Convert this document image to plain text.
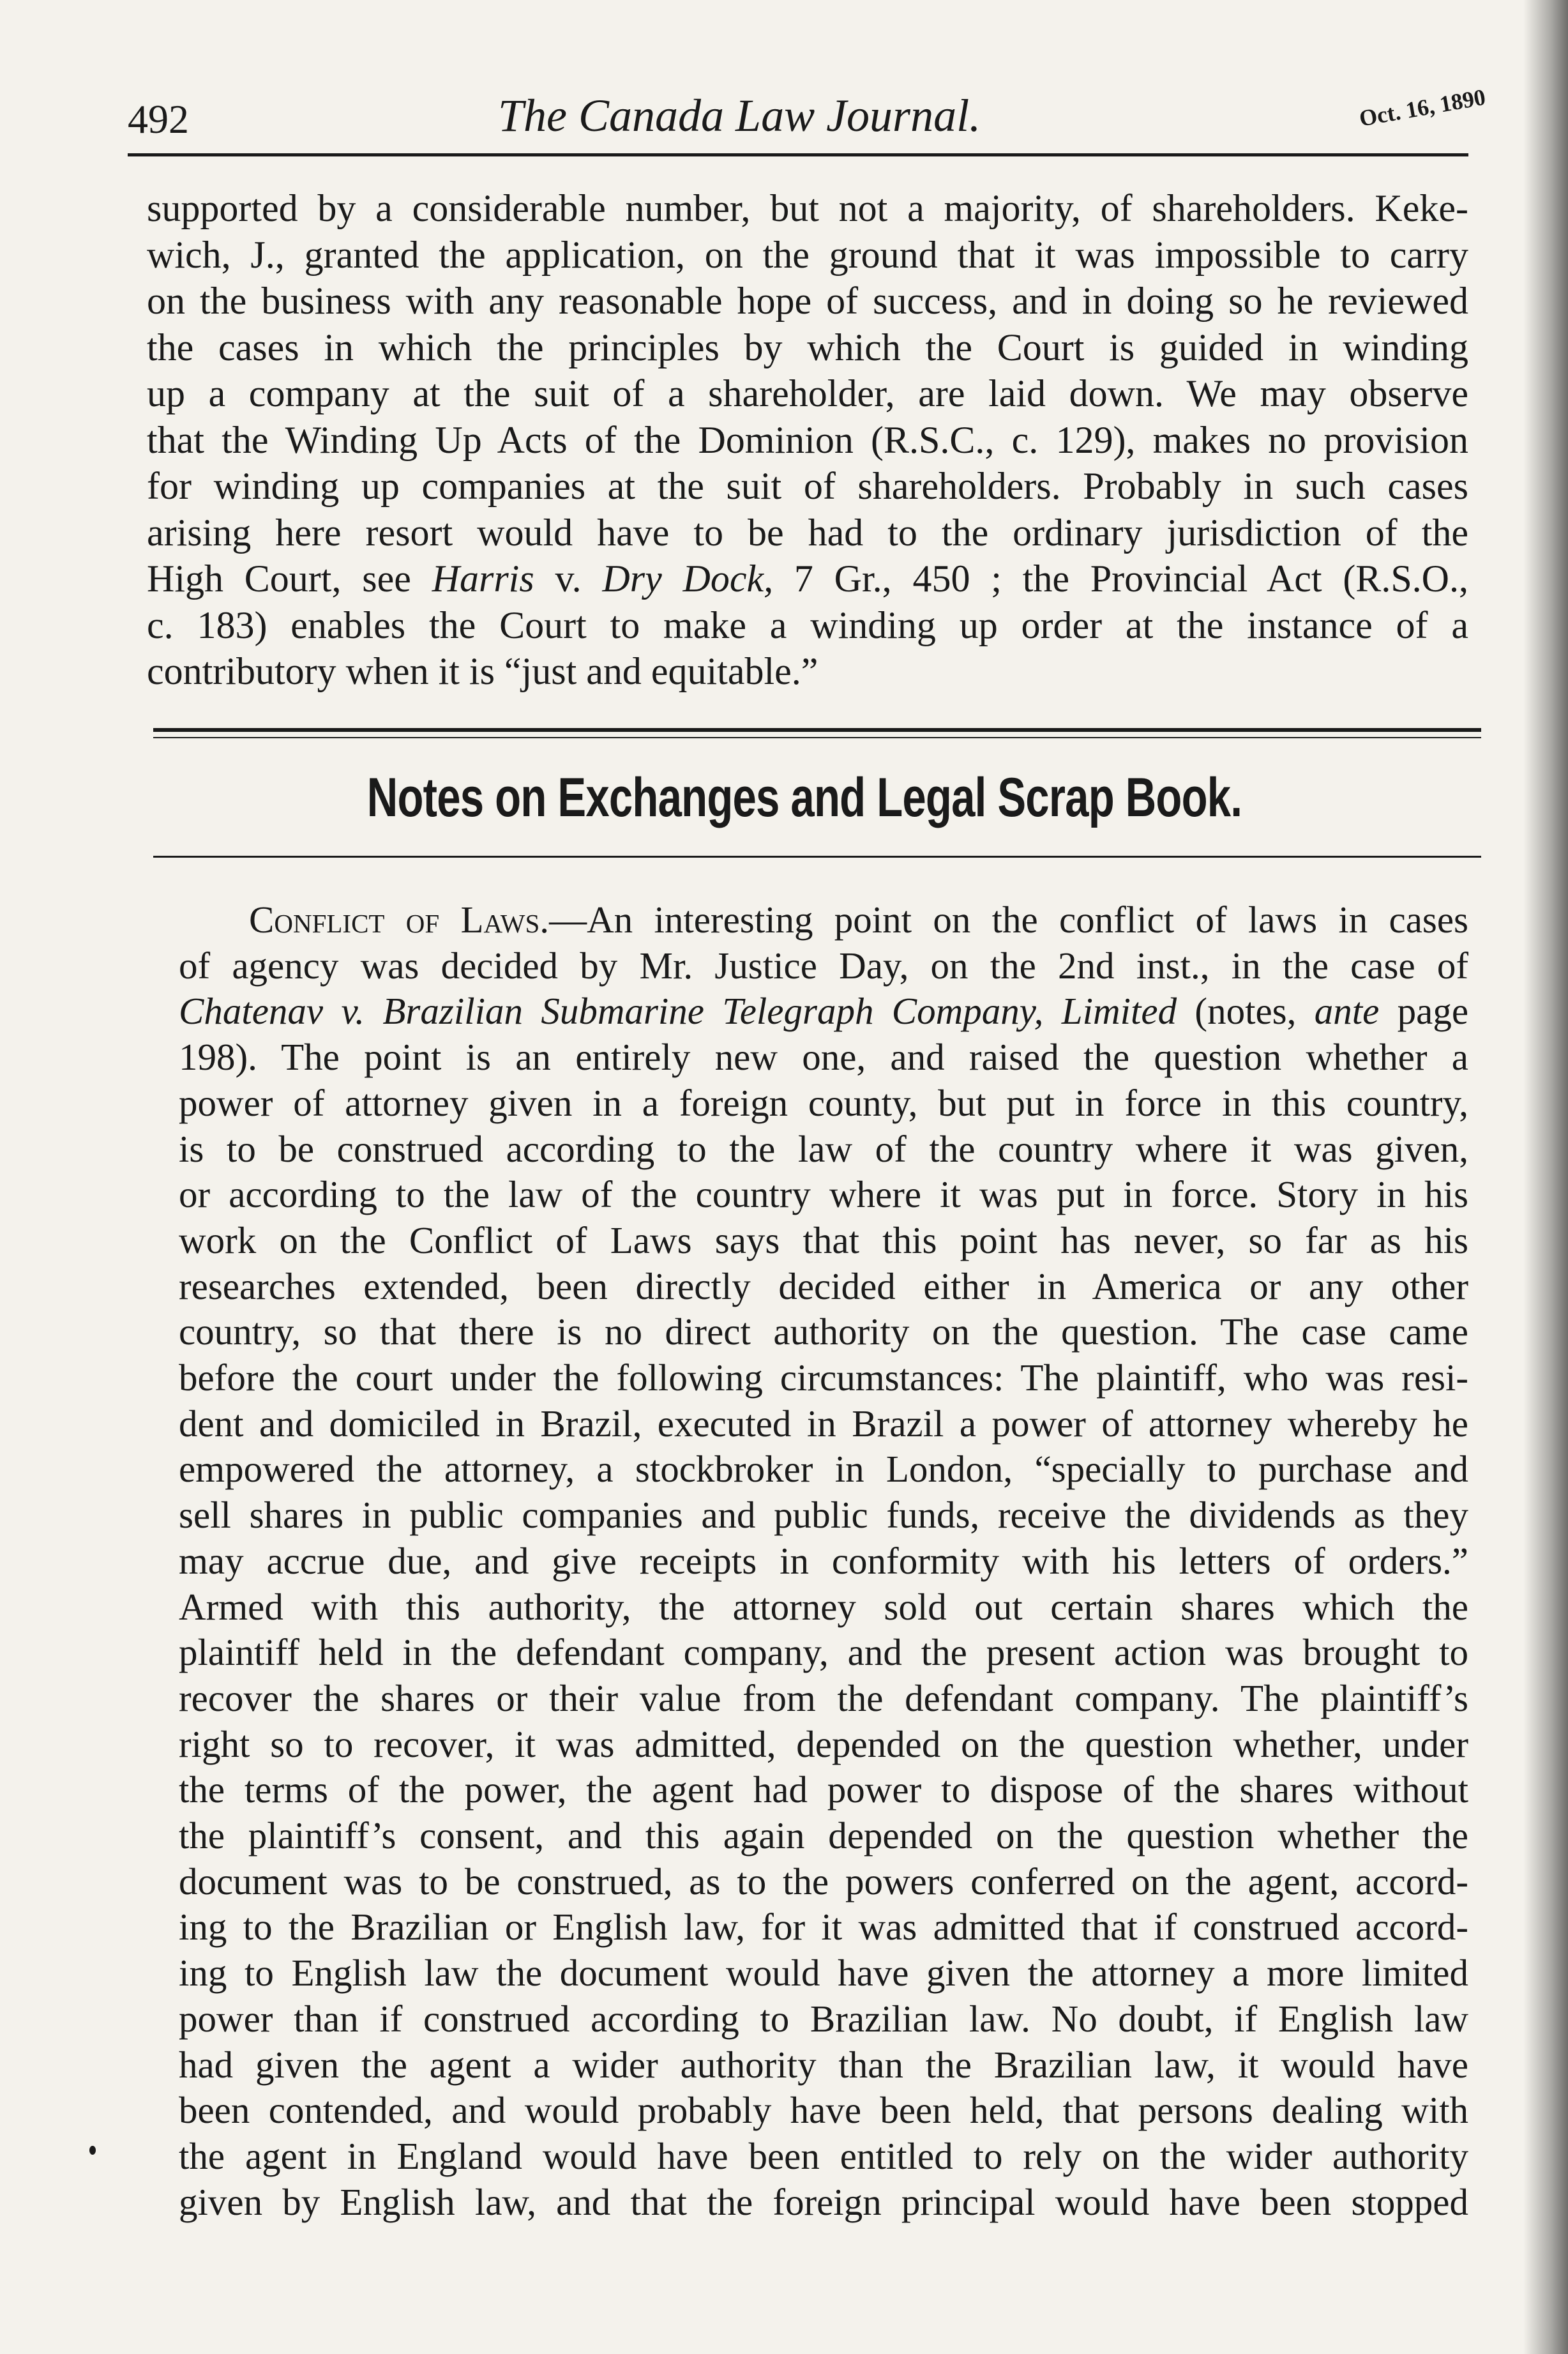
492	The Canada Law Journal.	Oct. 16, 1890
supported by a considerable number, but not a majority, of shareholders. Keke-
wich, J., granted the application, on the ground that it was impossible to carry
on the business with any reasonable hope of success, and in doing so he reviewed
the cases in which the principles by which the Court is guided in winding
up a company at the suit of a shareholder, are laid down. We may observe
that the Winding Up Acts of the Dominion (R.S.C., c. 129), makes no provision
for winding up companies at the suit of shareholders. Probably in such cases
arising here resort would have to be had to the ordinary jurisdiction of the
High Court, see Harris v. Dry Dock, 7 Gr., 450 ; the Provincial Act (R.S.O.,
c. 183) enables the Court to make a winding up order at the instance of a
contributory when it is “just and equitable.”
Notes on Exchanges and Legal Scrap Book.
Conflict of Laws.—An interesting point on the conflict of laws in cases
of agency was decided by Mr. Justice Day, on the 2nd inst., in the case of
Chatenav v. Brazilian Submarine Telegraph Company, Limited (notes, ante page
198). The point is an entirely new one, and raised the question whether a
power of attorney given in a foreign county, but put in force in this country,
is to be construed according to the law of the country where it was given,
or according to the law of the country where it was put in force. Story in his
work on the Conflict of Laws says that this point has never, so far as his
researches extended, been directly decided either in America or any other
country, so that there is no direct authority on the question. The case came
before the court under the following circumstances: The plaintiff, who was resi-
dent and domiciled in Brazil, executed in Brazil a power of attorney whereby he
empowered the attorney, a stockbroker in London, “specially to purchase and
sell shares in public companies and public funds, receive the dividends as they
may accrue due, and give receipts in conformity with his letters of orders.”
Armed with this authority, the attorney sold out certain shares which the
plaintiff held in the defendant company, and the present action was brought to
recover the shares or their value from the defendant company. The plaintiff’s
right so to recover, it was admitted, depended on the question whether, under
the terms of the power, the agent had power to dispose of the shares without
the plaintiff’s consent, and this again depended on the question whether the
document was to be construed, as to the powers conferred on the agent, accord-
ing to the Brazilian or English law, for it was admitted that if construed accord-
ing to English law the document would have given the attorney a more limited
power than if construed according to Brazilian law. No doubt, if English law
had given the agent a wider authority than the Brazilian law, it would have
been contended, and would probably have been held, that persons dealing with
the agent in England would have been entitled to rely on the wider authority
given by English law, and that the foreign principal would have been stopped
